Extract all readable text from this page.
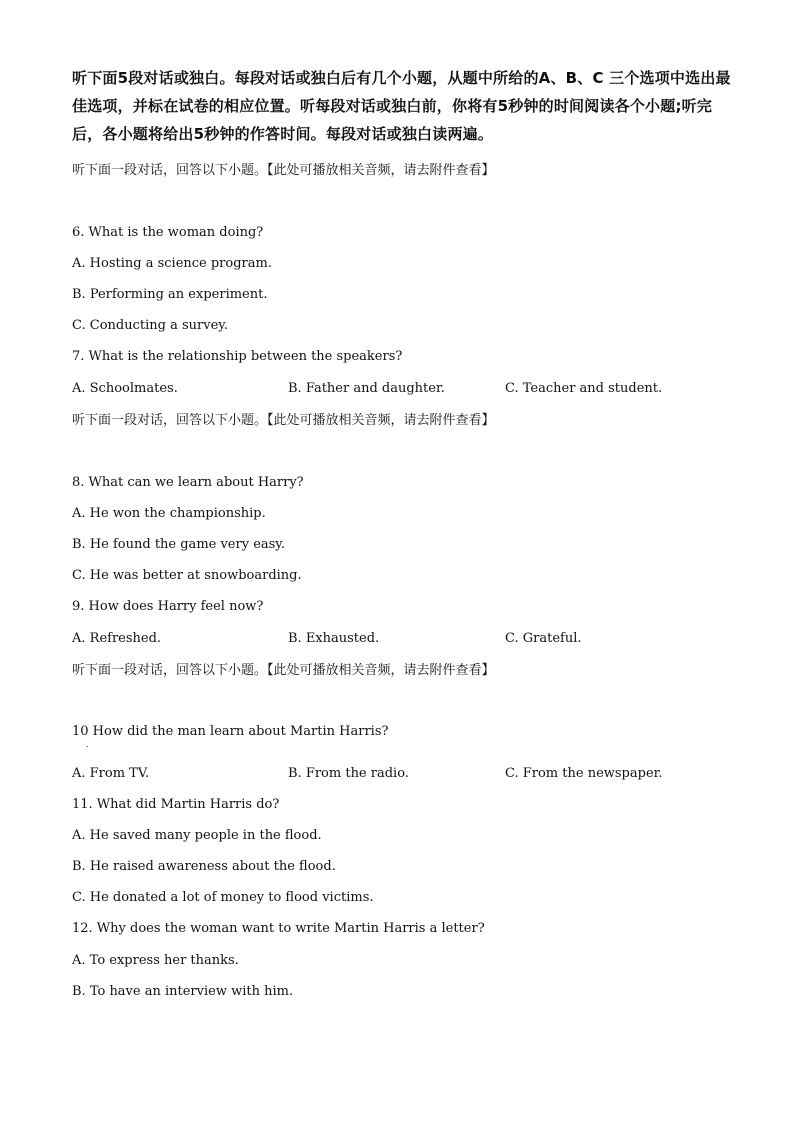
听下面5段对话或独白。每段对话或独白后有几个小题，从题中所给的A、B、C 三个选项中选出最佳选项，并标在试卷的相应位置。听每段对话或独白前，你将有5秒钟的时间阅读各个小题;听完后，各小题将给出5秒钟的作答时间。每段对话或独白读两遍。
听下面一段对话，回答以下小题。【此处可播放相关音频，请去附件查看】
6. What is the woman doing?
A. Hosting a science program.
B. Performing an experiment.
C. Conducting a survey.
7. What is the relationship between the speakers?
A. Schoolmates.	B. Father and daughter.	C. Teacher and student.
听下面一段对话，回答以下小题。【此处可播放相关音频，请去附件查看】
8. What can we learn about Harry?
A. He won the championship.
B. He found the game very easy.
C. He was better at snowboarding.
9. How does Harry feel now?
A. Refreshed.	B. Exhausted.	C. Grateful.
听下面一段对话，回答以下小题。【此处可播放相关音频，请去附件查看】
10 How did the man learn about Martin Harris?
.
A. From TV.	B. From the radio.	C. From the newspaper.
11. What did Martin Harris do?
A. He saved many people in the flood.
B. He raised awareness about the flood.
C. He donated a lot of money to flood victims.
12. Why does the woman want to write Martin Harris a letter?
A. To express her thanks.
B. To have an interview with him.
